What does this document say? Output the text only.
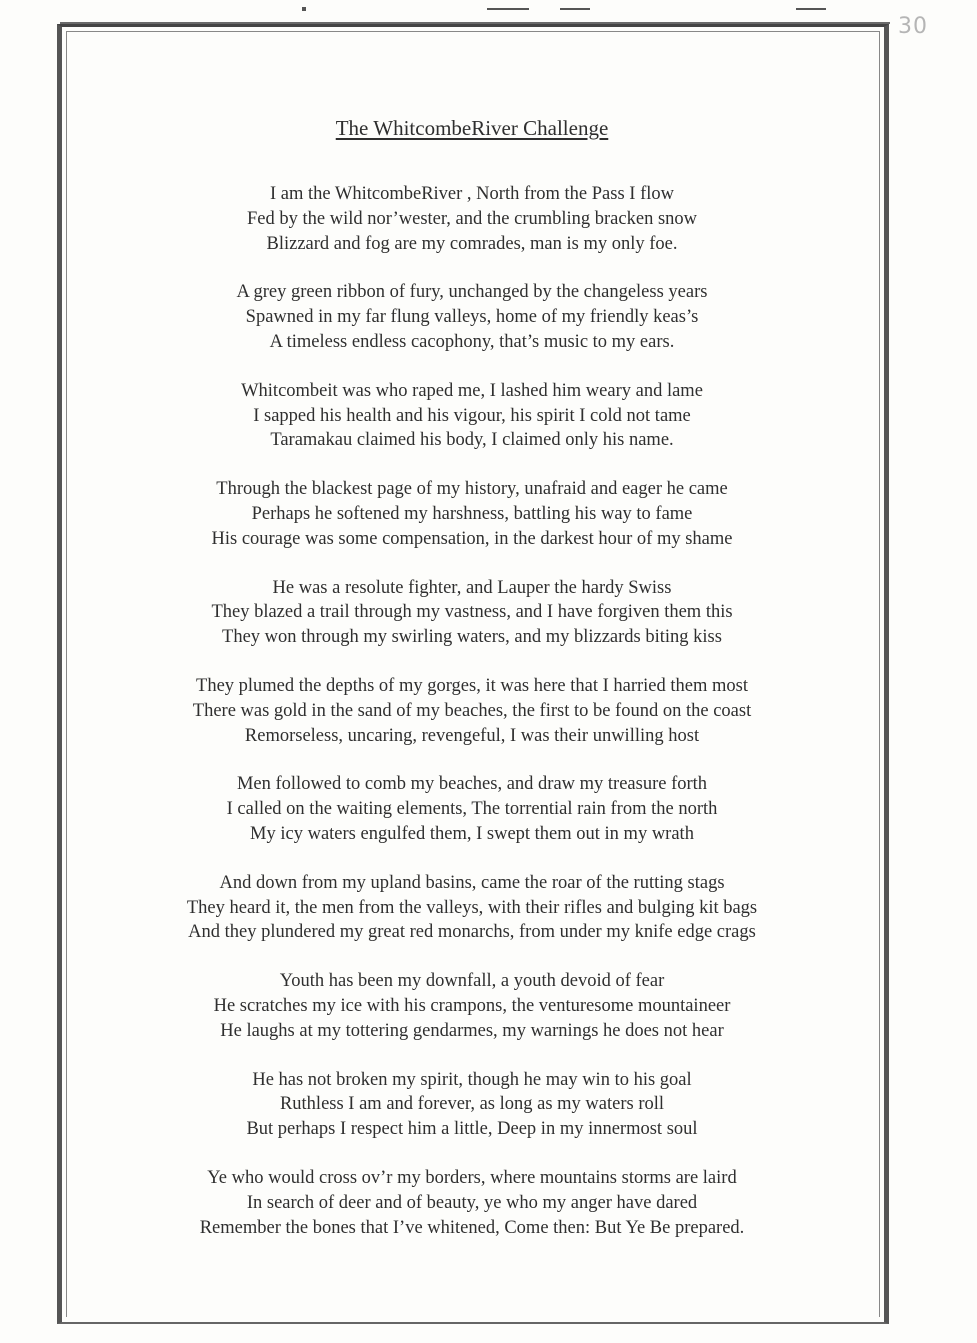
30
The WhitcombeRiver Challenge
I am the WhitcombeRiver , North from the Pass I flow
Fed by the wild nor’wester, and the crumbling bracken snow
Blizzard and fog are my comrades, man is my only foe.
A grey green ribbon of fury, unchanged by the changeless years
Spawned in my far flung valleys, home of my friendly keas’s
A timeless endless cacophony, that’s music to my ears.
Whitcombeit was who raped me, I lashed him weary and lame
I sapped his health and his vigour, his spirit I cold not tame
Taramakau claimed his body, I claimed only his name.
Through the blackest page of my history, unafraid and eager he came
Perhaps he softened my harshness, battling his way to fame
His courage was some compensation, in the darkest hour of my shame
He was a resolute fighter, and Lauper the hardy Swiss
They blazed a trail through my vastness, and I have forgiven them this
They won through my swirling waters, and my blizzards biting kiss
They plumed the depths of my gorges, it was here that I harried them most
There was gold in the sand of my beaches, the first to be found on the coast
Remorseless, uncaring, revengeful, I was their unwilling host
Men followed to comb my beaches, and draw my treasure forth
I called on the waiting elements, The torrential rain from the north
My icy waters engulfed them, I swept them out in my wrath
And down from my upland basins, came the roar of the rutting stags
They heard it, the men from the valleys, with their rifles and bulging kit bags
And they plundered my great red monarchs, from under my knife edge crags
Youth has been my downfall, a youth devoid of fear
He scratches my ice with his crampons, the venturesome mountaineer
He laughs at my tottering gendarmes, my warnings he does not hear
He has not broken my spirit, though he may win to his goal
Ruthless I am and forever, as long as my waters roll
But perhaps I respect him a little, Deep in my innermost soul
Ye who would cross ov’r my borders, where mountains storms are laird
In search of deer and of beauty, ye who my anger have dared
Remember the bones that I’ve whitened, Come then: But Ye Be prepared.
